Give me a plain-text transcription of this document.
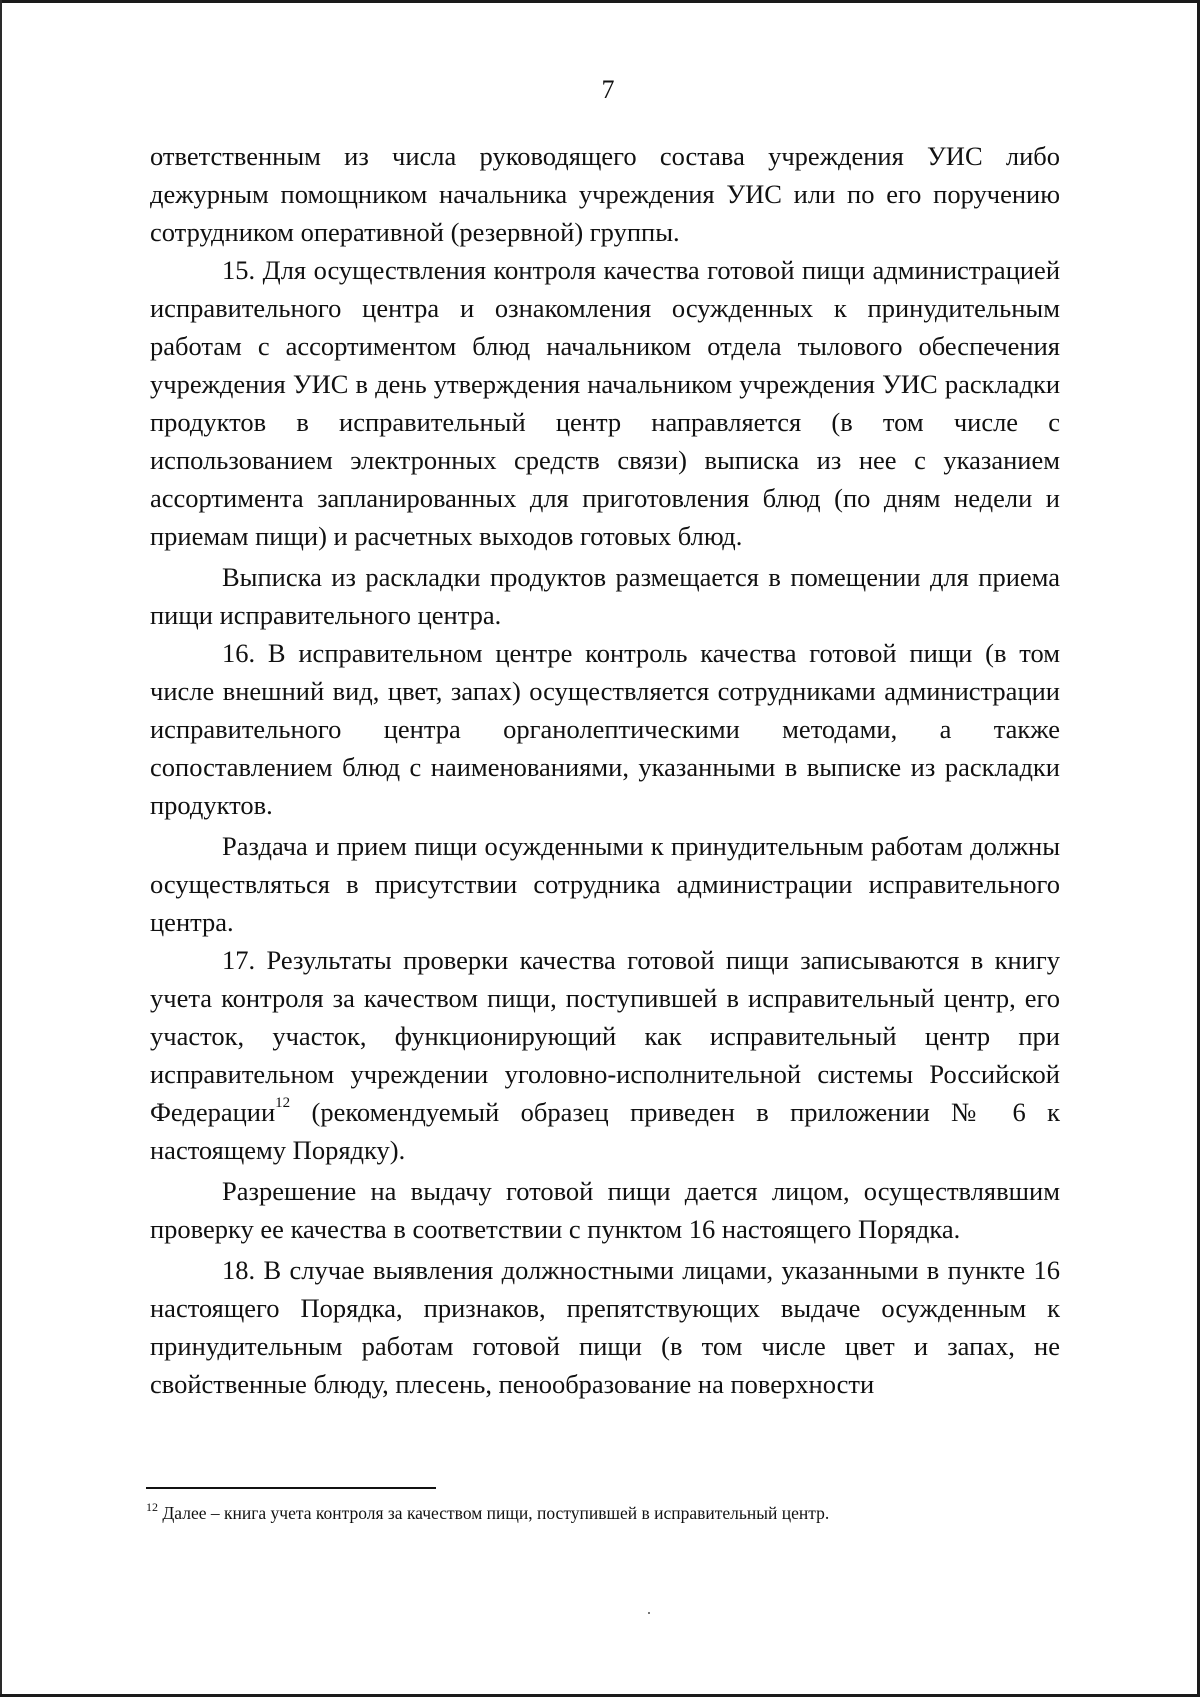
7

ответственным из числа руководящего состава учреждения УИС либо дежурным помощником начальника учреждения УИС или по его поручению сотрудником оперативной (резервной) группы.

15. Для осуществления контроля качества готовой пищи администрацией исправительного центра и ознакомления осужденных к принудительным работам с ассортиментом блюд начальником отдела тылового обеспечения учреждения УИС в день утверждения начальником учреждения УИС раскладки продуктов в исправительный центр направляется (в том числе с использованием электронных средств связи) выписка из нее с указанием ассортимента запланированных для приготовления блюд (по дням недели и приемам пищи) и расчетных выходов готовых блюд.

Выписка из раскладки продуктов размещается в помещении для приема пищи исправительного центра.

16. В исправительном центре контроль качества готовой пищи (в том числе внешний вид, цвет, запах) осуществляется сотрудниками администрации исправительного центра органолептическими методами, а также сопоставлением блюд с наименованиями, указанными в выписке из раскладки продуктов.

Раздача и прием пищи осужденными к принудительным работам должны осуществляться в присутствии сотрудника администрации исправительного центра.

17. Результаты проверки качества готовой пищи записываются в книгу учета контроля за качеством пищи, поступившей в исправительный центр, его участок, участок, функционирующий как исправительный центр при исправительном учреждении уголовно-исполнительной системы Российской Федерации$^{12}$ (рекомендуемый образец приведен в приложении № 6 к настоящему Порядку).

Разрешение на выдачу готовой пищи дается лицом, осуществлявшим проверку ее качества в соответствии с пунктом 16 настоящего Порядка.

18. В случае выявления должностными лицами, указанными в пункте 16 настоящего Порядка, признаков, препятствующих выдаче осужденным к принудительным работам готовой пищи (в том числе цвет и запах, не свойственные блюду, плесень, пенообразование на поверхности

$^{12}$ Далее – книга учета контроля за качеством пищи, поступившей в исправительный центр.
